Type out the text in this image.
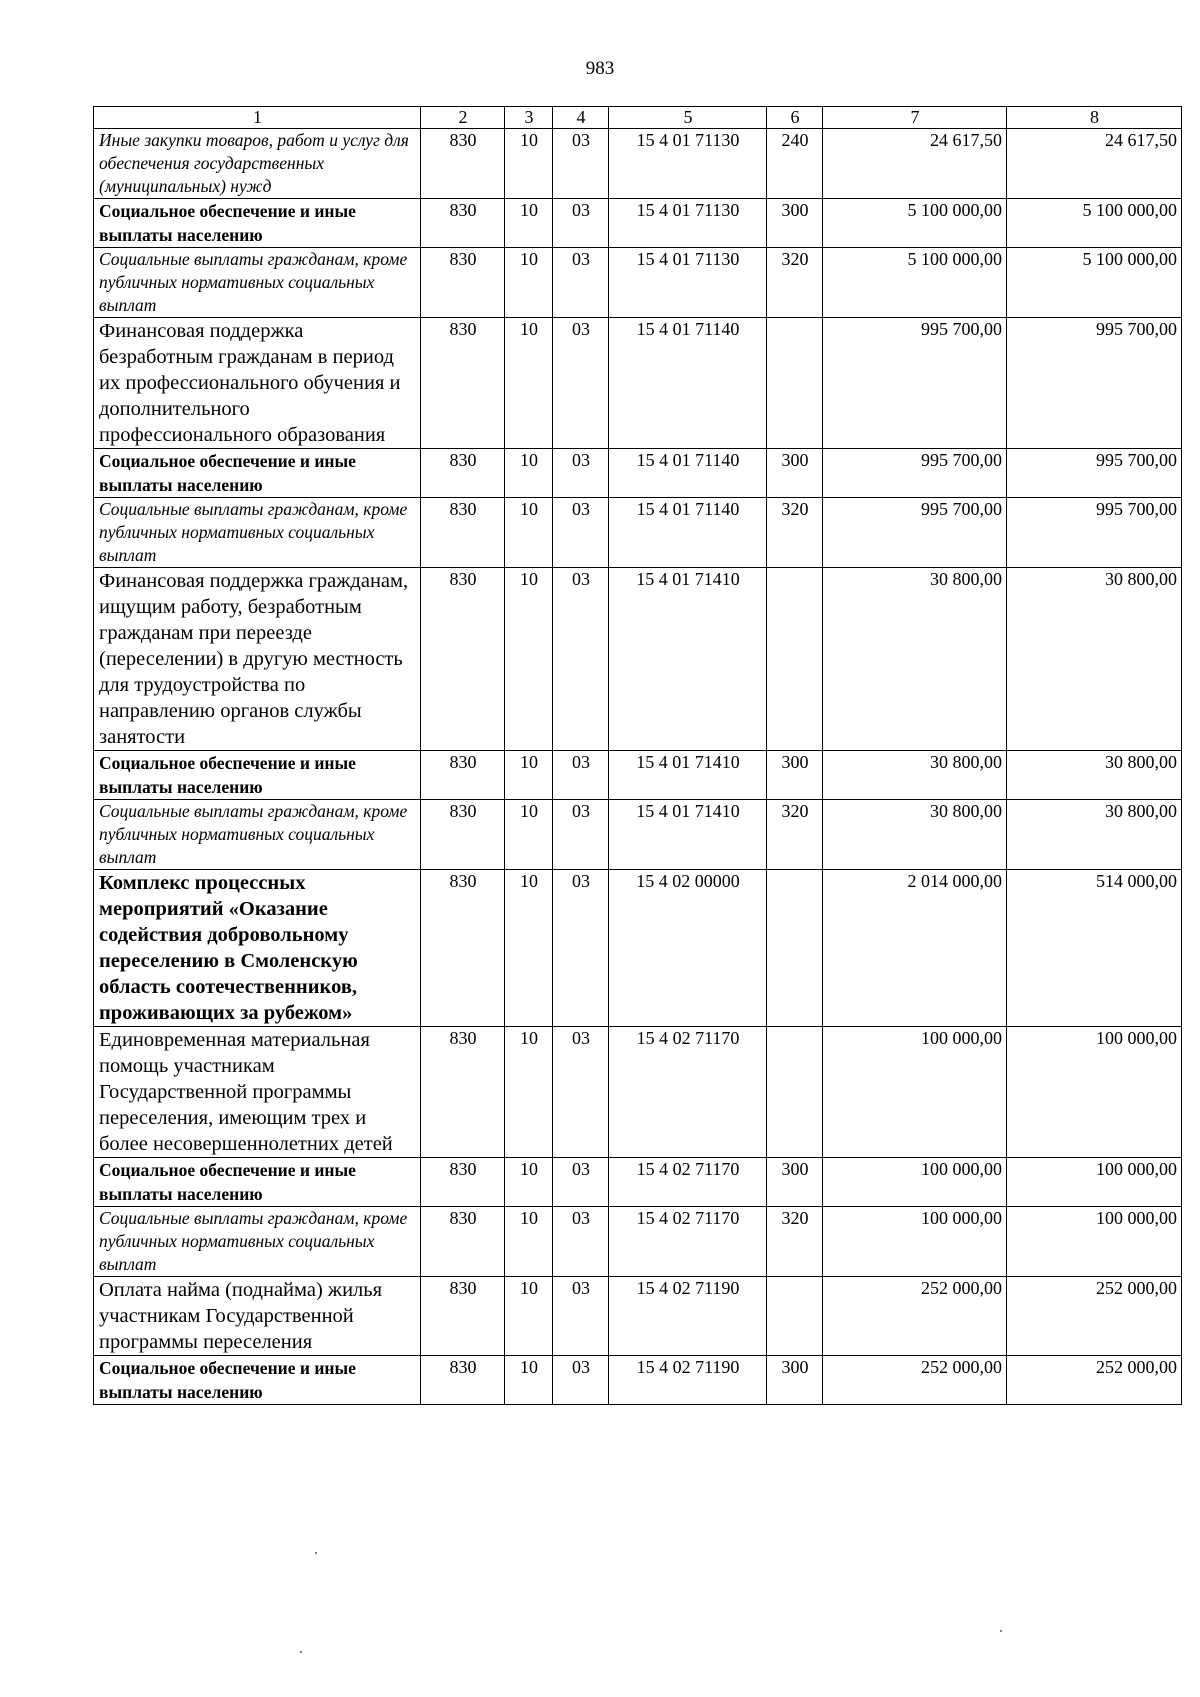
983
1	2	3	4	5	6	7	8
Иные закупки товаров, работ и услуг для обеспечения государственных (муниципальных) нужд	830	10	03	15 4 01 71130	240	24 617,50	24 617,50
Социальное обеспечение и иные выплаты населению	830	10	03	15 4 01 71130	300	5 100 000,00	5 100 000,00
Социальные выплаты гражданам, кроме публичных нормативных социальных выплат	830	10	03	15 4 01 71130	320	5 100 000,00	5 100 000,00
Финансовая поддержка безработным гражданам в период их профессионального обучения и дополнительного профессионального образования	830	10	03	15 4 01 71140		995 700,00	995 700,00
Социальное обеспечение и иные выплаты населению	830	10	03	15 4 01 71140	300	995 700,00	995 700,00
Социальные выплаты гражданам, кроме публичных нормативных социальных выплат	830	10	03	15 4 01 71140	320	995 700,00	995 700,00
Финансовая поддержка гражданам, ищущим работу, безработным гражданам при переезде (переселении) в другую местность для трудоустройства по направлению органов службы занятости	830	10	03	15 4 01 71410		30 800,00	30 800,00
Социальное обеспечение и иные выплаты населению	830	10	03	15 4 01 71410	300	30 800,00	30 800,00
Социальные выплаты гражданам, кроме публичных нормативных социальных выплат	830	10	03	15 4 01 71410	320	30 800,00	30 800,00
Комплекс процессных мероприятий «Оказание содействия добровольному переселению в Смоленскую область соотечественников, проживающих за рубежом»	830	10	03	15 4 02 00000		2 014 000,00	514 000,00
Единовременная материальная помощь участникам Государственной программы переселения, имеющим трех и более несовершеннолетних детей	830	10	03	15 4 02 71170		100 000,00	100 000,00
Социальное обеспечение и иные выплаты населению	830	10	03	15 4 02 71170	300	100 000,00	100 000,00
Социальные выплаты гражданам, кроме публичных нормативных социальных выплат	830	10	03	15 4 02 71170	320	100 000,00	100 000,00
Оплата найма (поднайма) жилья участникам Государственной программы переселения	830	10	03	15 4 02 71190		252 000,00	252 000,00
Социальное обеспечение и иные выплаты населению	830	10	03	15 4 02 71190	300	252 000,00	252 000,00
